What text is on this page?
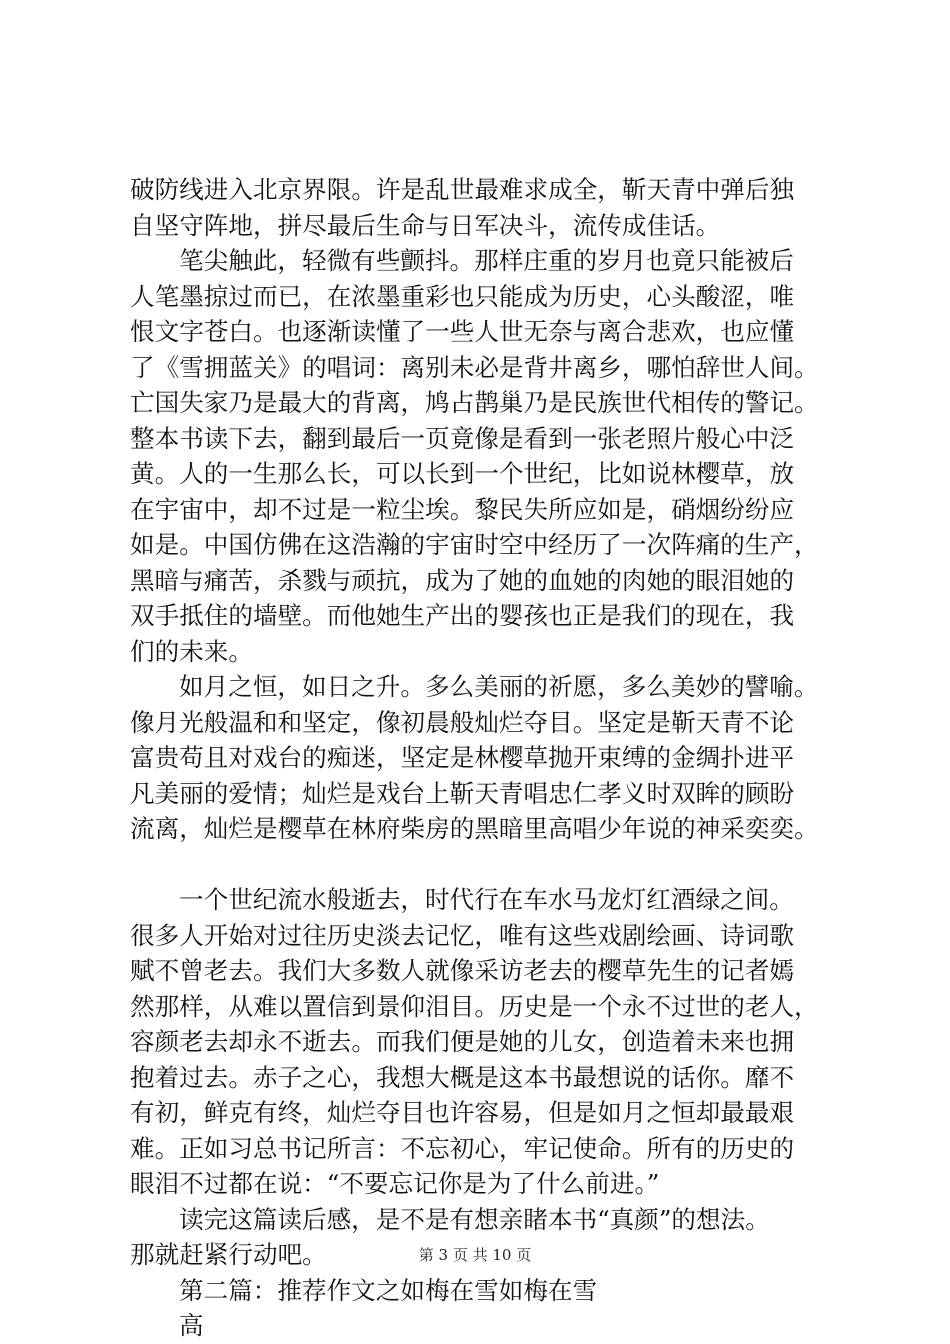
破防线进入北京界限。许是乱世最难求成全，靳天青中弹后独
自坚守阵地，拼尽最后生命与日军决斗，流传成佳话。
笔尖触此，轻微有些颤抖。那样庄重的岁月也竟只能被后
人笔墨掠过而已，在浓墨重彩也只能成为历史，心头酸涩，唯
恨文字苍白。也逐渐读懂了一些人世无奈与离合悲欢，也应懂
了《雪拥蓝关》的唱词：离别未必是背井离乡，哪怕辞世人间。
亡国失家乃是最大的背离，鸠占鹊巢乃是民族世代相传的警记。
整本书读下去，翻到最后一页竟像是看到一张老照片般心中泛
黄。人的一生那么长，可以长到一个世纪，比如说林樱草，放
在宇宙中，却不过是一粒尘埃。黎民失所应如是，硝烟纷纷应
如是。中国仿佛在这浩瀚的宇宙时空中经历了一次阵痛的生产，
黑暗与痛苦，杀戮与顽抗，成为了她的血她的肉她的眼泪她的
双手抵住的墙壁。而他她生产出的婴孩也正是我们的现在，我
们的未来。
如月之恒，如日之升。多么美丽的祈愿，多么美妙的譬喻。
像月光般温和和坚定，像初晨般灿烂夺目。坚定是靳天青不论
富贵苟且对戏台的痴迷，坚定是林樱草抛开束缚的金绸扑进平
凡美丽的爱情；灿烂是戏台上靳天青唱忠仁孝义时双眸的顾盼
流离，灿烂是樱草在林府柴房的黑暗里高唱少年说的神采奕奕。
一个世纪流水般逝去，时代行在车水马龙灯红酒绿之间。
很多人开始对过往历史淡去记忆，唯有这些戏剧绘画、诗词歌
赋不曾老去。我们大多数人就像采访老去的樱草先生的记者嫣
然那样，从难以置信到景仰泪目。历史是一个永不过世的老人，
容颜老去却永不逝去。而我们便是她的儿女，创造着未来也拥
抱着过去。赤子之心，我想大概是这本书最想说的话你。靡不
有初，鲜克有终，灿烂夺目也许容易，但是如月之恒却最最艰
难。正如习总书记所言：不忘初心，牢记使命。所有的历史的
眼泪不过都在说：“不要忘记你是为了什么前进。”
读完这篇读后感，是不是有想亲睹本书“真颜”的想法。
那就赶紧行动吧。
第二篇：推荐作文之如梅在雪如梅在雪
高
第 3 页 共 10 页
